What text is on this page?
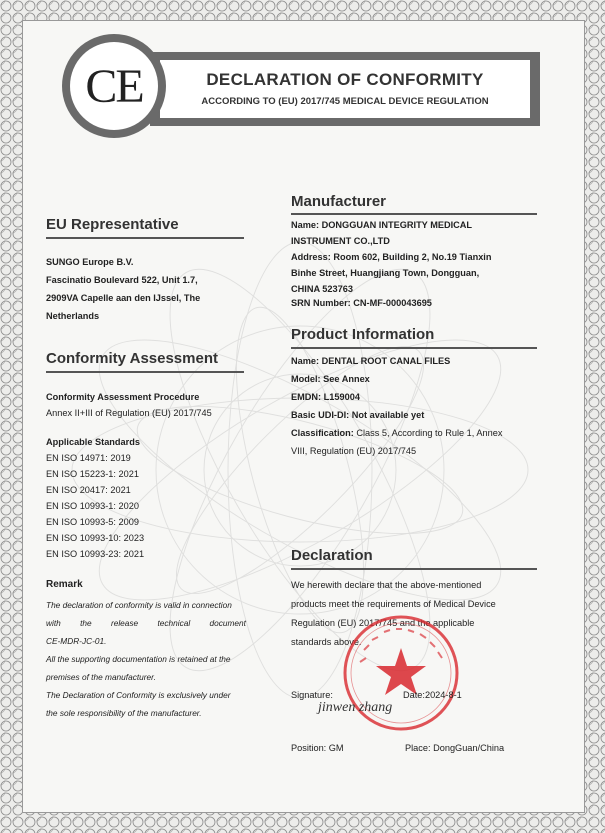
DECLARATION OF CONFORMITY
ACCORDING TO (EU) 2017/745 MEDICAL DEVICE REGULATION
CE
EU Representative
SUNGO Europe B.V.
Fascinatio Boulevard 522, Unit 1.7,
2909VA Capelle aan den IJssel, The
Netherlands
Conformity Assessment
Conformity Assessment Procedure
Annex II+III of Regulation (EU) 2017/745
Applicable Standards
EN ISO 14971: 2019
EN ISO 15223-1: 2021
EN ISO 20417: 2021
EN ISO 10993-1: 2020
EN ISO 10993-5: 2009
EN ISO 10993-10: 2023
EN ISO 10993-23: 2021
Remark
The declaration of conformity is valid in connection
with the release technical document
CE-MDR-JC-01.
All the supporting documentation is retained at the
premises of the manufacturer.
The Declaration of Conformity is exclusively under
the sole responsibility of the manufacturer.
Manufacturer
Name: DONGGUAN INTEGRITY MEDICAL
INSTRUMENT CO.,LTD
Address: Room 602, Building 2, No.19 Tianxin
Binhe Street, Huangjiang Town, Dongguan,
CHINA 523763
SRN Number: CN-MF-000043695
Product Information
Name: DENTAL ROOT CANAL FILES
Model: See Annex
EMDN: L159004
Basic UDI-DI: Not available yet
Classification: Class 5, According to Rule 1, Annex
VIII, Regulation (EU) 2017/745
Declaration
We herewith declare that the above-mentioned
products meet the requirements of Medical Device
Regulation (EU) 2017/745 and the applicable
standards above.
Signature:	Date:2024-8-1
jinwen zhang
Position: GM	Place: DongGuan/China
